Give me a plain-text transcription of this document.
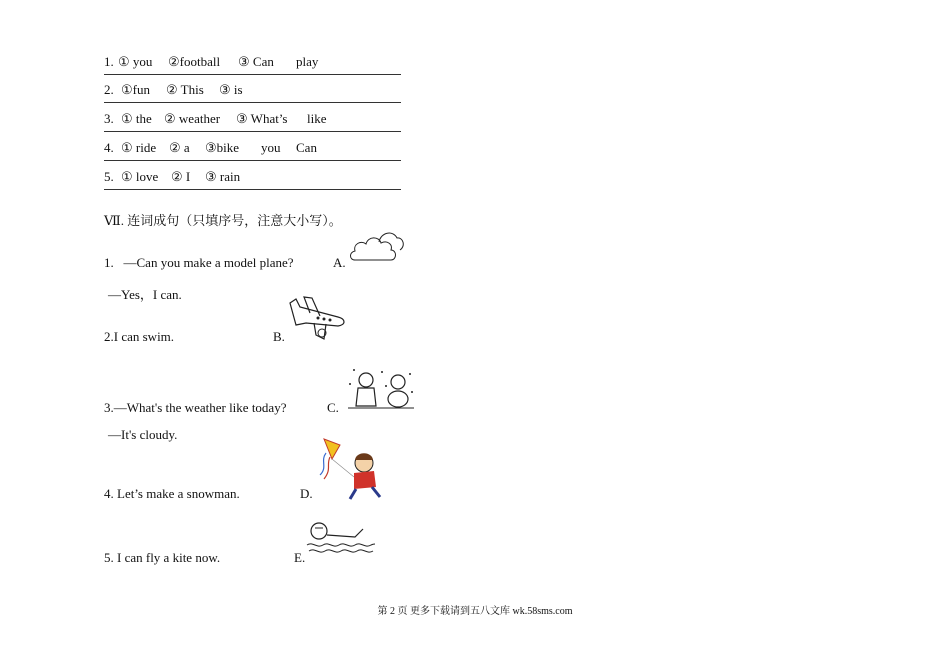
1. ① you ②football ③ Can play
2. ①fun ② This ③ is
3. ① the ② weather ③ What’s like
4. ① ride ② a ③bike you Can
5. ① love ② I ③ rain
Ⅶ. 连词成句（只填序号，注意大小写）。
1.   —Can you make a model plane?	A.
—Yes，I can.
2.I can swim.	B.
3.—What's the weather like today?	C.
—It's cloudy.
4. Let’s make a snowman.	D.
5. I can fly a kite now.	E.
第 2 页 更多下载请到五八文库 wk.58sms.com
